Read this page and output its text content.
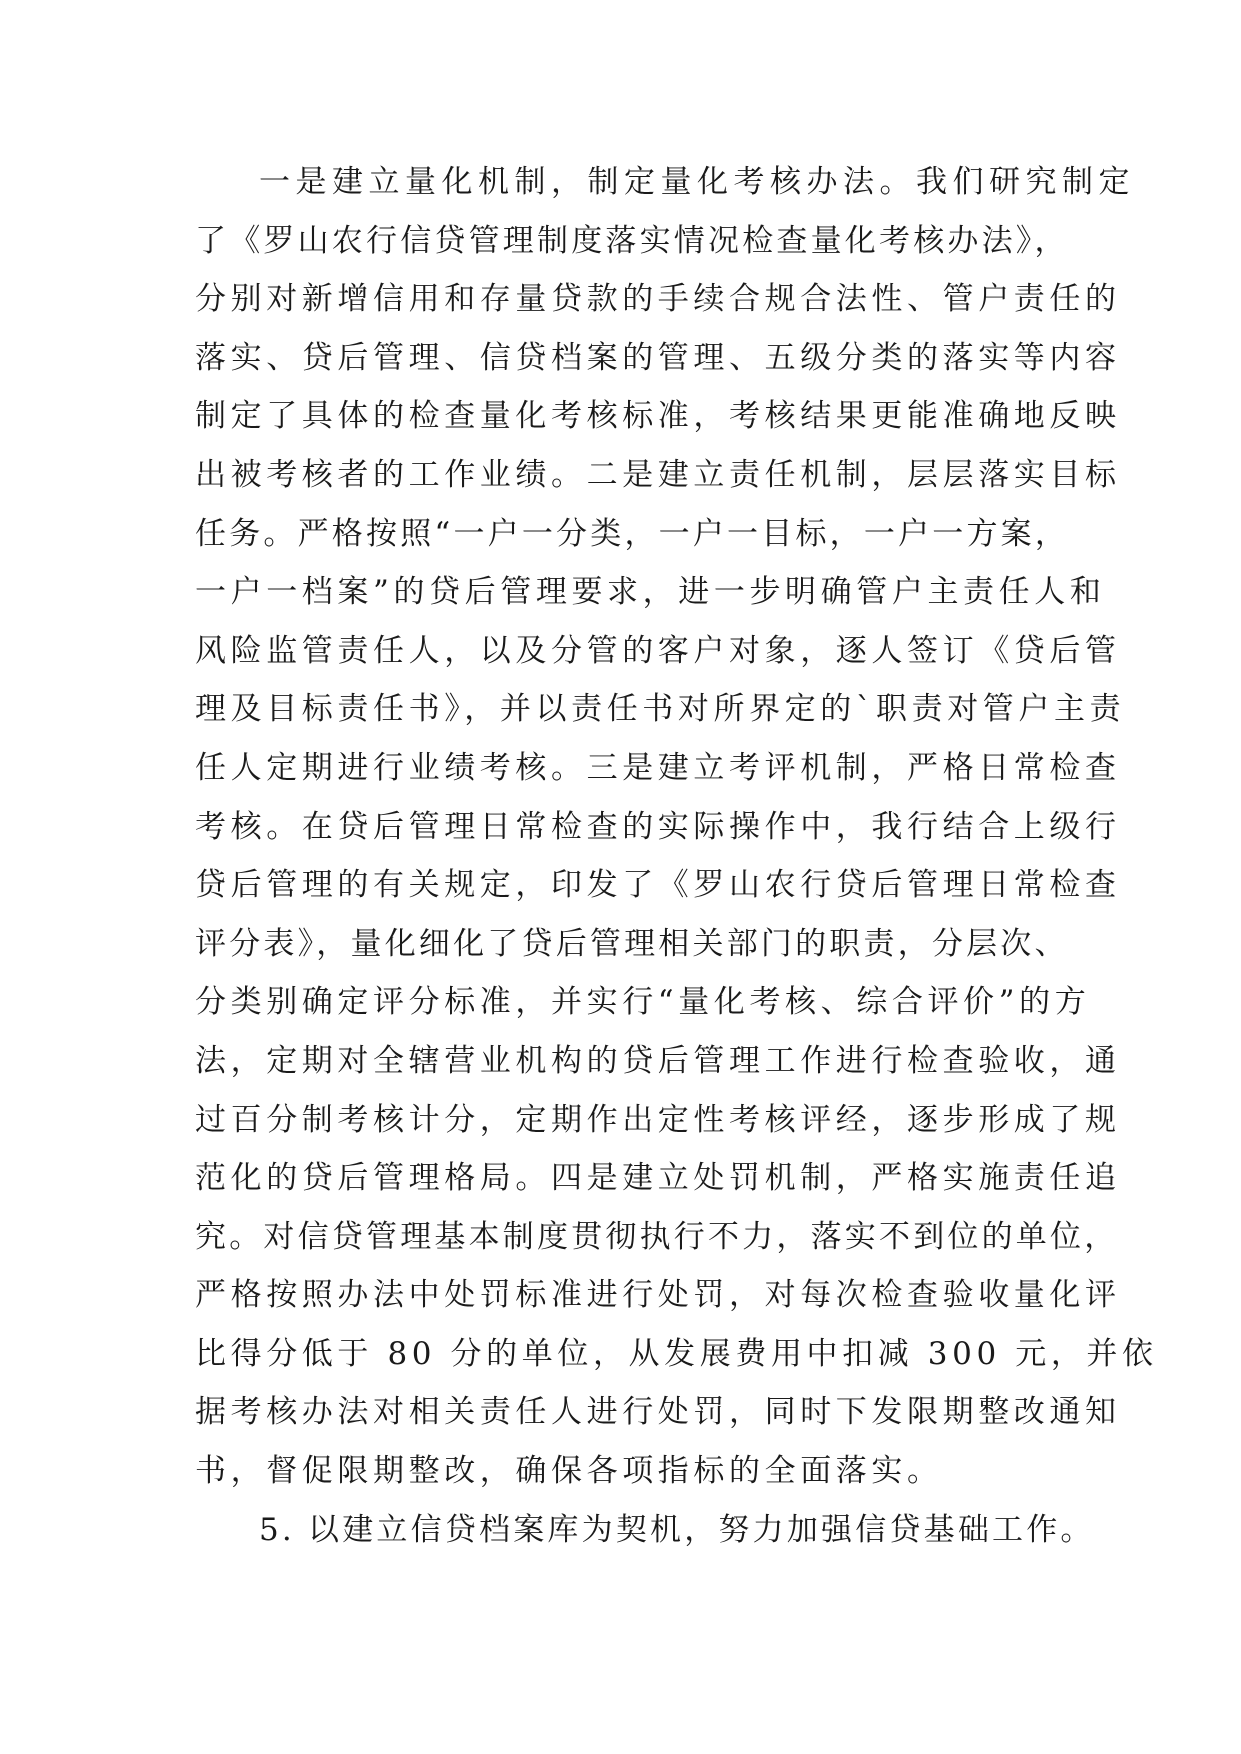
一是建立量化机制，制定量化考核办法。我们研究制定
了《罗山农行信贷管理制度落实情况检查量化考核办法》，
分别对新增信用和存量贷款的手续合规合法性、管户责任的
落实、贷后管理、信贷档案的管理、五级分类的落实等内容
制定了具体的检查量化考核标准，考核结果更能准确地反映
出被考核者的工作业绩。二是建立责任机制，层层落实目标
任务。严格按照“一户一分类，一户一目标，一户一方案，
一户一档案”的贷后管理要求，进一步明确管户主责任人和
风险监管责任人，以及分管的客户对象，逐人签订《贷后管
理及目标责任书》，并以责任书对所界定的`职责对管户主责
任人定期进行业绩考核。三是建立考评机制，严格日常检查
考核。在贷后管理日常检查的实际操作中，我行结合上级行
贷后管理的有关规定，印发了《罗山农行贷后管理日常检查
评分表》，量化细化了贷后管理相关部门的职责，分层次、
分类别确定评分标准，并实行“量化考核、综合评价”的方
法，定期对全辖营业机构的贷后管理工作进行检查验收，通
过百分制考核计分，定期作出定性考核评经，逐步形成了规
范化的贷后管理格局。四是建立处罚机制，严格实施责任追
究。对信贷管理基本制度贯彻执行不力，落实不到位的单位，
严格按照办法中处罚标准进行处罚，对每次检查验收量化评
比得分低于 80 分的单位，从发展费用中扣减 300 元，并依
据考核办法对相关责任人进行处罚，同时下发限期整改通知
书，督促限期整改，确保各项指标的全面落实。
5. 以建立信贷档案库为契机，努力加强信贷基础工作。
